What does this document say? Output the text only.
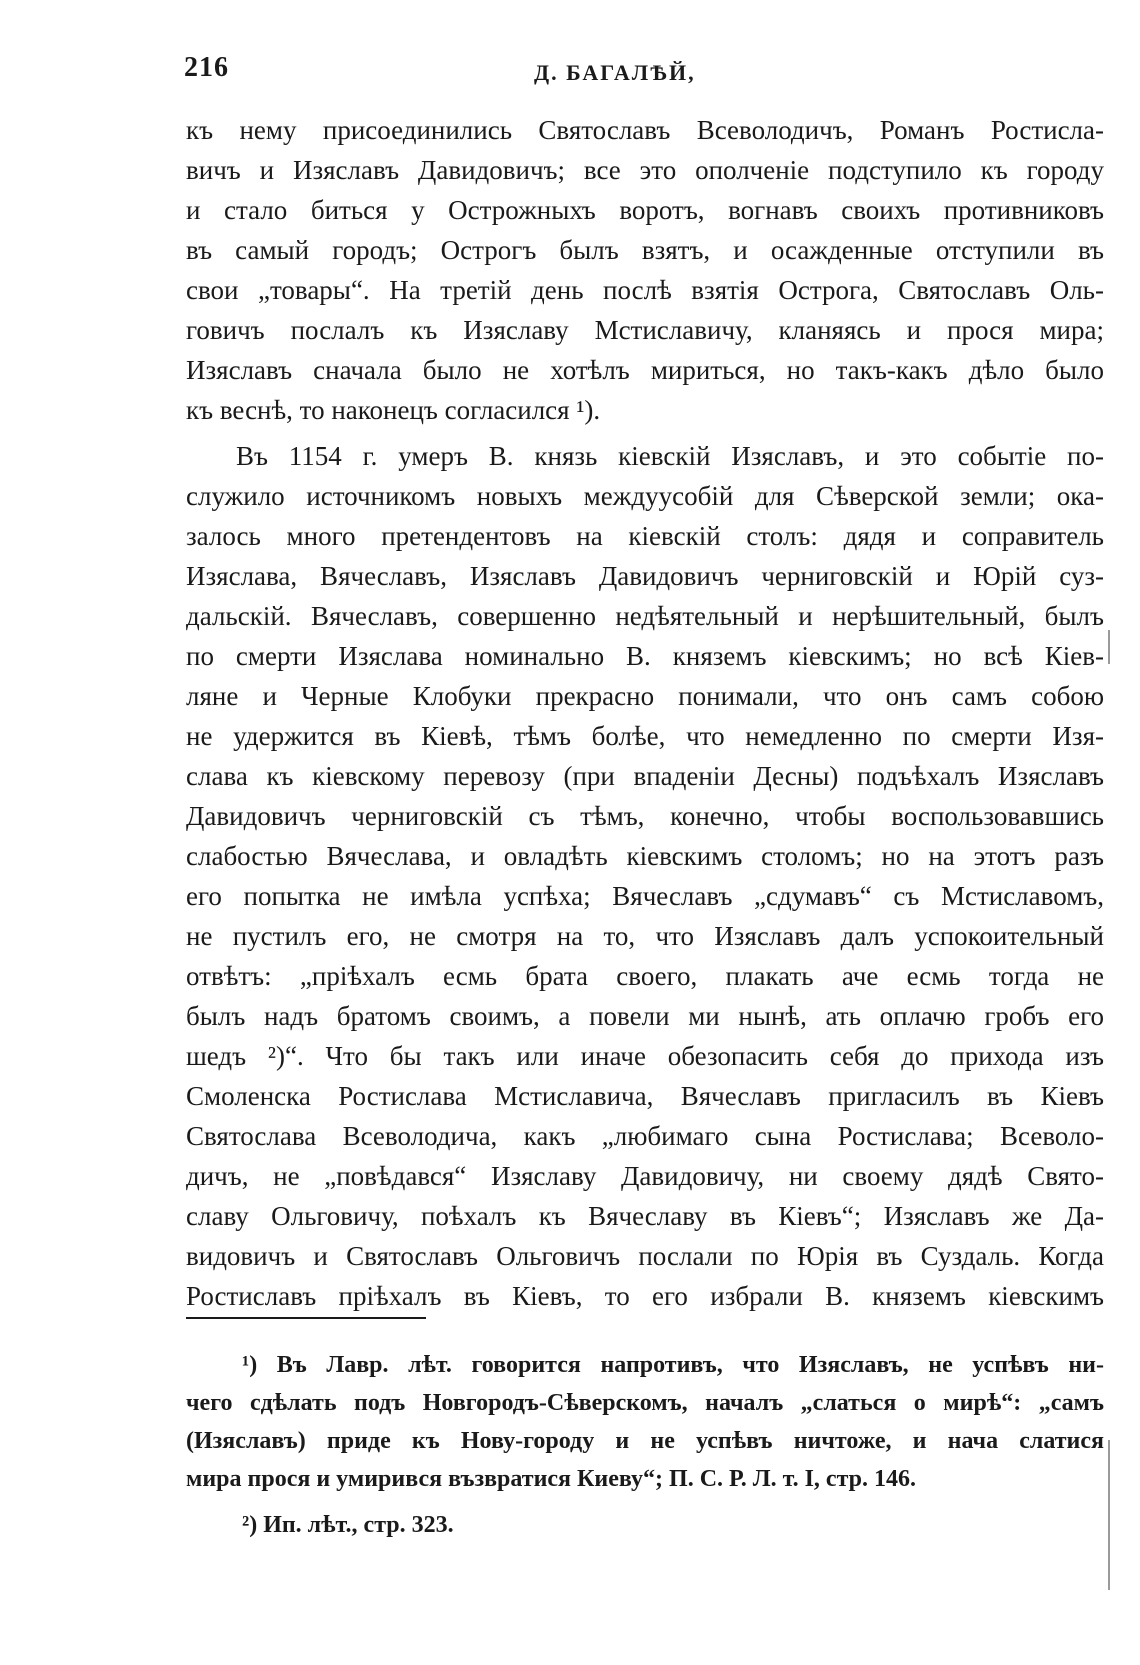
216	Д. БАГАЛѢЙ,
къ нему присоединились Святославъ Всеволодичъ, Романъ Ростисла-
вичъ и Изяславъ Давидовичъ; все это ополченіе подступило къ городу
и стало биться у Острожныхъ воротъ, вогнавъ своихъ противниковъ
въ самый городъ; Острогъ былъ взятъ, и осажденные отступили въ
свои „товары“. На третій день послѣ взятія Острога, Святославъ Оль-
говичъ послалъ къ Изяславу Мстиславичу, кланяясь и прося мира;
Изяславъ сначала было не хотѣлъ мириться, но такъ-какъ дѣло было
къ веснѣ, то наконецъ согласился ¹).
Въ 1154 г. умеръ В. князь кіевскій Изяславъ, и это событіе по-
служило источникомъ новыхъ междуусобій для Сѣверской земли; ока-
залось много претендентовъ на кіевскій столъ: дядя и соправитель
Изяслава, Вячеславъ, Изяславъ Давидовичъ черниговскій и Юрій суз-
дальскій. Вячеславъ, совершенно недѣятельный и нерѣшительный, былъ
по смерти Изяслава номинально В. княземъ кіевскимъ; но всѣ Кіев-
ляне и Черные Клобуки прекрасно понимали, что онъ самъ собою
не удержится въ Кіевѣ, тѣмъ болѣе, что немедленно по смерти Изя-
слава къ кіевскому перевозу (при впаденіи Десны) подъѣхалъ Изяславъ
Давидовичъ черниговскій съ тѣмъ, конечно, чтобы воспользовавшись
слабостью Вячеслава, и овладѣть кіевскимъ столомъ; но на этотъ разъ
его попытка не имѣла успѣха; Вячеславъ „сдумавъ“ съ Мстиславомъ,
не пустилъ его, не смотря на то, что Изяславъ далъ успокоительный
отвѣтъ: „пріѣхалъ есмь брата своего, плакать аче есмь тогда не
былъ надъ братомъ своимъ, а повели ми нынѣ, ать оплачю гробъ его
шедъ ²)“. Что бы такъ или иначе обезопасить себя до прихода изъ
Смоленска Ростислава Мстиславича, Вячеславъ пригласилъ въ Кіевъ
Святослава Всеволодича, какъ „любимаго сына Ростислава; Всеволо-
дичъ, не „повѣдався“ Изяславу Давидовичу, ни своему дядѣ Свято-
славу Ольговичу, поѣхалъ къ Вячеславу въ Кіевъ“; Изяславъ же Да-
видовичъ и Святославъ Ольговичъ послали по Юрія въ Суздаль. Когда
Ростиславъ пріѣхалъ въ Кіевъ, то его избрали В. княземъ кіевскимъ
¹) Въ Лавр. лѣт. говорится напротивъ, что Изяславъ, не успѣвъ ни-
чего сдѣлать подъ Новгородъ-Сѣверскомъ, началъ „слаться о мирѣ“: „самъ
(Изяславъ) приде къ Нову-городу и не успѣвъ ничтоже, и нача слатися
мира прося и умирився възвратися Киеву“; П. С. Р. Л. т. I, стр. 146.
²) Ип. лѣт., стр. 323.
